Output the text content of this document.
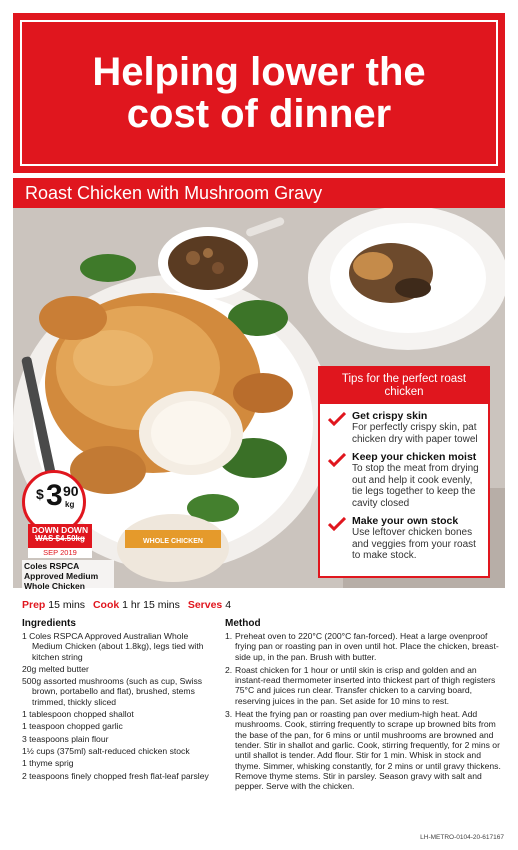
Helping lower the cost of dinner
Roast Chicken with Mushroom Gravy
WHOLE CHICKEN
Tips for the perfect roast chicken
Get crispy skin
For perfectly crispy skin, pat chicken dry with paper towel
Keep your chicken moist
To stop the meat from drying out and help it cook evenly, tie legs together to keep the cavity closed
Make your own stock
Use leftover chicken bones and veggies from your roast to make stock.
$ 3 90
kg
DOWN DOWN
WAS $4.50kg
SEP 2019
Coles RSPCA Approved Medium Whole Chicken
Prep 15 mins Cook 1 hr 15 mins Serves 4
Ingredients
1 Coles RSPCA Approved Australian Whole Medium Chicken (about 1.8kg), legs tied with kitchen string
20g melted butter
500g assorted mushrooms (such as cup, Swiss brown, portabello and flat), brushed, stems trimmed, thickly sliced
1 tablespoon chopped shallot
1 teaspoon chopped garlic
3 teaspoons plain flour
1½ cups (375ml) salt-reduced chicken stock
1 thyme sprig
2 teaspoons finely chopped fresh flat-leaf parsley
Method
1. Preheat oven to 220°C (200°C fan-forced). Heat a large ovenproof frying pan or roasting pan in oven until hot. Place the chicken, breast-side up, in the pan. Brush with butter.
2. Roast chicken for 1 hour or until skin is crisp and golden and an instant-read thermometer inserted into thickest part of thigh registers 75°C and juices run clear. Transfer chicken to a carving board, reserving juices in the pan. Set aside for 10 mins to rest.
3. Heat the frying pan or roasting pan over medium-high heat. Add mushrooms. Cook, stirring frequently to scrape up browned bits from the base of the pan, for 6 mins or until mushrooms are browned and tender. Stir in shallot and garlic. Cook, stirring frequently, for 2 mins or until shallot is tender. Add flour. Stir for 1 min. Whisk in stock and thyme. Simmer, whisking constantly, for 2 mins or until gravy thickens. Remove thyme stems. Stir in parsley. Season gravy with salt and pepper. Serve with the chicken.
LH-METRO-0104-20-617167
